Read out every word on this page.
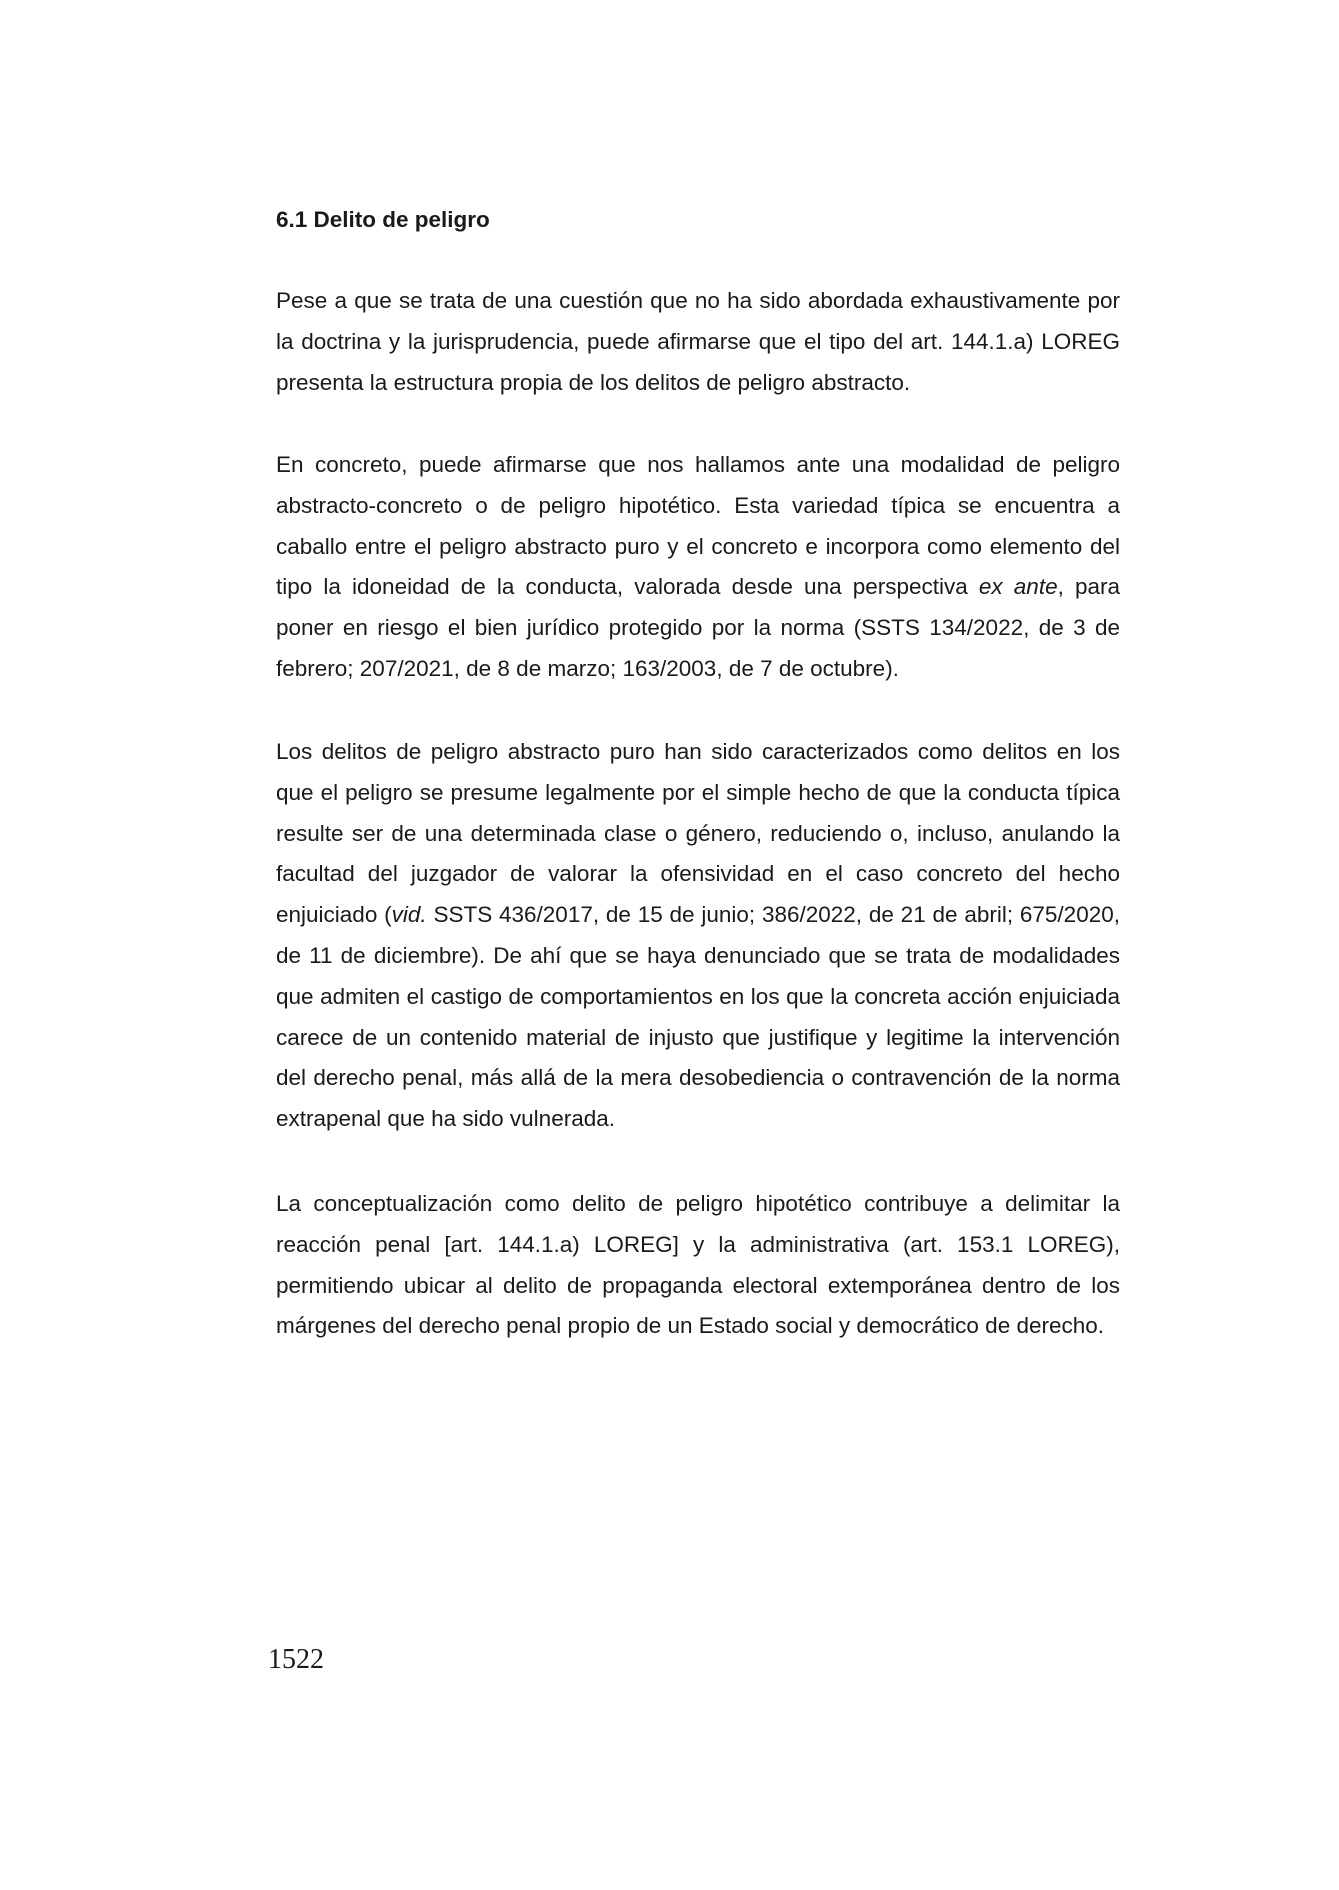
6.1 Delito de peligro

Pese a que se trata de una cuestión que no ha sido abordada exhaustivamente por la doctrina y la jurisprudencia, puede afirmarse que el tipo del art. 144.1.a) LOREG presenta la estructura propia de los delitos de peligro abstracto.

En concreto, puede afirmarse que nos hallamos ante una modalidad de peligro abstracto-concreto o de peligro hipotético. Esta variedad típica se encuentra a caballo entre el peligro abstracto puro y el concreto e incorpora como elemento del tipo la idoneidad de la conducta, valorada desde una perspectiva ex ante, para poner en riesgo el bien jurídico protegido por la norma (SSTS 134/2022, de 3 de febrero; 207/2021, de 8 de marzo; 163/2003, de 7 de octubre).

Los delitos de peligro abstracto puro han sido caracterizados como delitos en los que el peligro se presume legalmente por el simple hecho de que la conducta típica resulte ser de una determinada clase o género, reduciendo o, incluso, anulando la facultad del juzgador de valorar la ofensividad en el caso concreto del hecho enjuiciado (vid. SSTS 436/2017, de 15 de junio; 386/2022, de 21 de abril; 675/2020, de 11 de diciembre). De ahí que se haya denunciado que se trata de modalidades que admiten el castigo de comportamientos en los que la concreta acción enjuiciada carece de un contenido material de injusto que justifique y legitime la intervención del derecho penal, más allá de la mera desobediencia o contravención de la norma extrapenal que ha sido vulnerada.

La conceptualización como delito de peligro hipotético contribuye a delimitar la reacción penal [art. 144.1.a) LOREG] y la administrativa (art. 153.1 LOREG), permitiendo ubicar al delito de propaganda electoral extemporánea dentro de los márgenes del derecho penal propio de un Estado social y democrático de derecho.

1522
